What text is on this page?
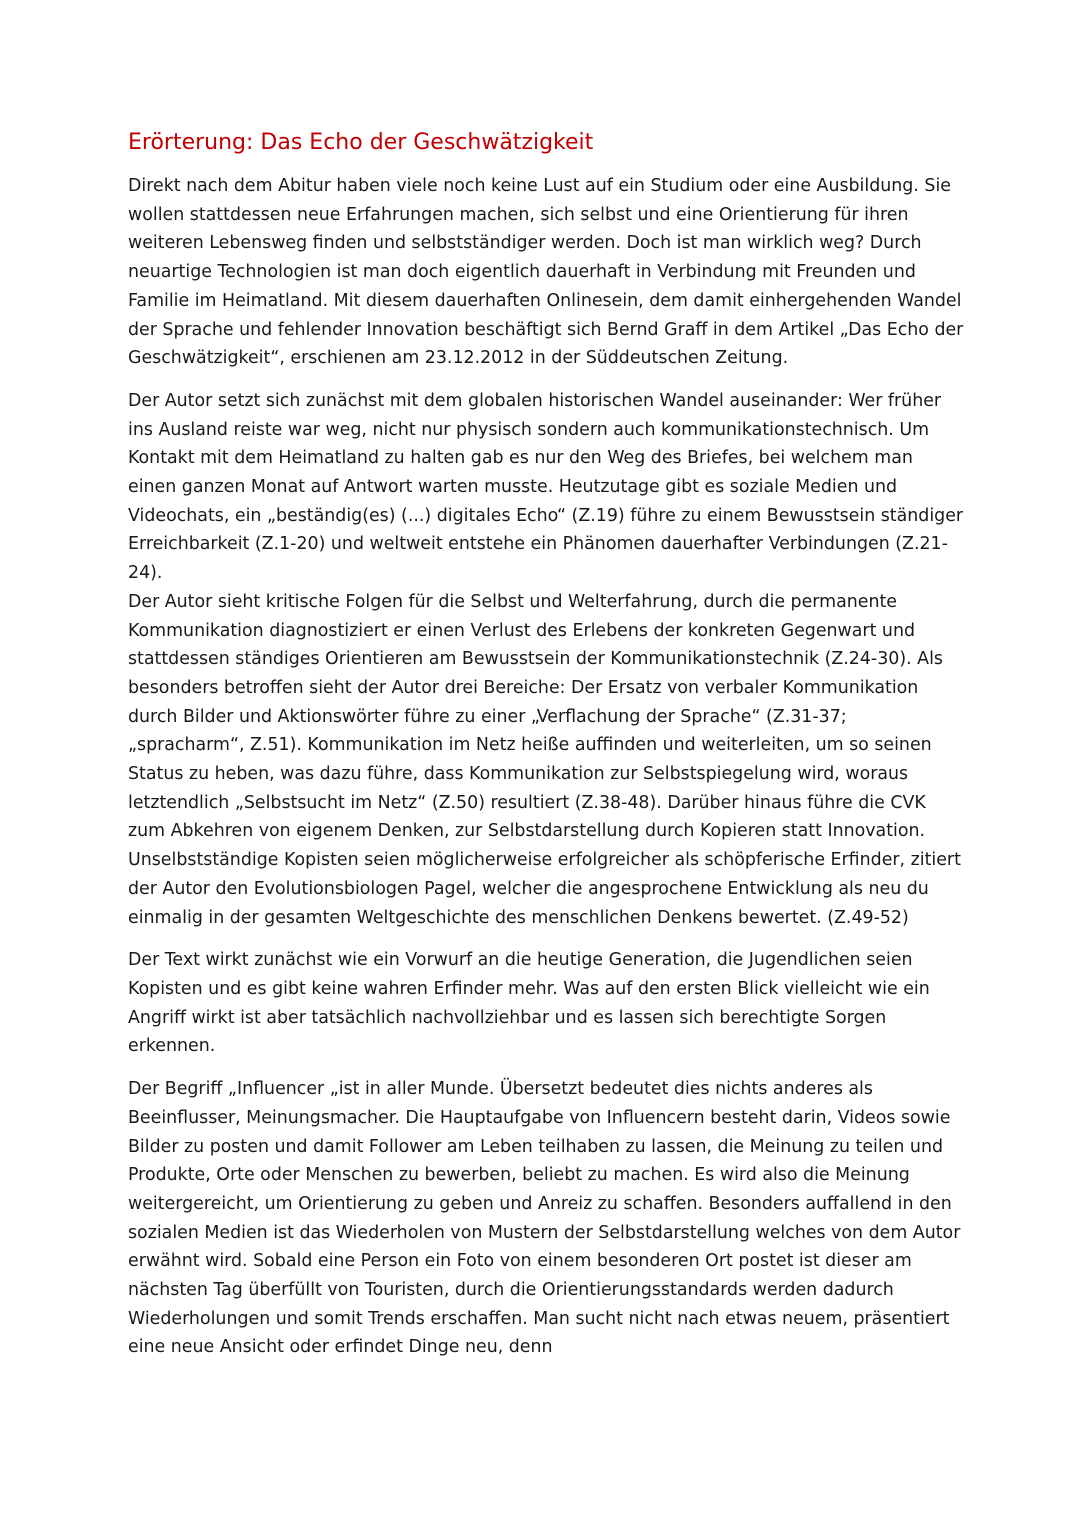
Erörterung: Das Echo der Geschwätzigkeit

Direkt nach dem Abitur haben viele noch keine Lust auf ein Studium oder eine Ausbildung. Sie wollen stattdessen neue Erfahrungen machen, sich selbst und eine Orientierung für ihren weiteren Lebensweg finden und selbstständiger werden. Doch ist man wirklich weg? Durch neuartige Technologien ist man doch eigentlich dauerhaft in Verbindung mit Freunden und Familie im Heimatland. Mit diesem dauerhaften Onlinesein, dem damit einhergehenden Wandel der Sprache und fehlender Innovation beschäftigt sich Bernd Graff in dem Artikel „Das Echo der Geschwätzigkeit“, erschienen am 23.12.2012 in der Süddeutschen Zeitung.

Der Autor setzt sich zunächst mit dem globalen historischen Wandel auseinander: Wer früher ins Ausland reiste war weg, nicht nur physisch sondern auch kommunikationstechnisch. Um Kontakt mit dem Heimatland zu halten gab es nur den Weg des Briefes, bei welchem man einen ganzen Monat auf Antwort warten musste. Heutzutage gibt es soziale Medien und Videochats, ein „beständig(es) (...) digitales Echo“ (Z.19) führe zu einem Bewusstsein ständiger Erreichbarkeit (Z.1-20) und weltweit entstehe ein Phänomen dauerhafter Verbindungen (Z.21-24).

Der Autor sieht kritische Folgen für die Selbst und Welterfahrung, durch die permanente Kommunikation diagnostiziert er einen Verlust des Erlebens der konkreten Gegenwart und stattdessen ständiges Orientieren am Bewusstsein der Kommunikationstechnik (Z.24-30). Als besonders betroffen sieht der Autor drei Bereiche: Der Ersatz von verbaler Kommunikation durch Bilder und Aktionswörter führe zu einer „Verflachung der Sprache“ (Z.31-37; „spracharm“, Z.51). Kommunikation im Netz heiße auffinden und weiterleiten, um so seinen Status zu heben, was dazu führe, dass Kommunikation zur Selbstspiegelung wird, woraus letztendlich „Selbstsucht im Netz“ (Z.50) resultiert (Z.38-48). Darüber hinaus führe die CVK zum Abkehren von eigenem Denken, zur Selbstdarstellung durch Kopieren statt Innovation. Unselbstständige Kopisten seien möglicherweise erfolgreicher als schöpferische Erfinder, zitiert der Autor den Evolutionsbiologen Pagel, welcher die angesprochene Entwicklung als neu du einmalig in der gesamten Weltgeschichte des menschlichen Denkens bewertet. (Z.49-52)

Der Text wirkt zunächst wie ein Vorwurf an die heutige Generation, die Jugendlichen seien Kopisten und es gibt keine wahren Erfinder mehr. Was auf den ersten Blick vielleicht wie ein Angriff wirkt ist aber tatsächlich nachvollziehbar und es lassen sich berechtigte Sorgen erkennen.

Der Begriff „Influencer „ist in aller Munde. Übersetzt bedeutet dies nichts anderes als Beeinflusser, Meinungsmacher. Die Hauptaufgabe von Influencern besteht darin, Videos sowie Bilder zu posten und damit Follower am Leben teilhaben zu lassen, die Meinung zu teilen und Produkte, Orte oder Menschen zu bewerben, beliebt zu machen. Es wird also die Meinung weitergereicht, um Orientierung zu geben und Anreiz zu schaffen. Besonders auffallend in den sozialen Medien ist das Wiederholen von Mustern der Selbstdarstellung welches von dem Autor erwähnt wird. Sobald eine Person ein Foto von einem besonderen Ort postet ist dieser am nächsten Tag überfüllt von Touristen, durch die Orientierungsstandards werden dadurch Wiederholungen und somit Trends erschaffen. Man sucht nicht nach etwas neuem, präsentiert eine neue Ansicht oder erfindet Dinge neu, denn
